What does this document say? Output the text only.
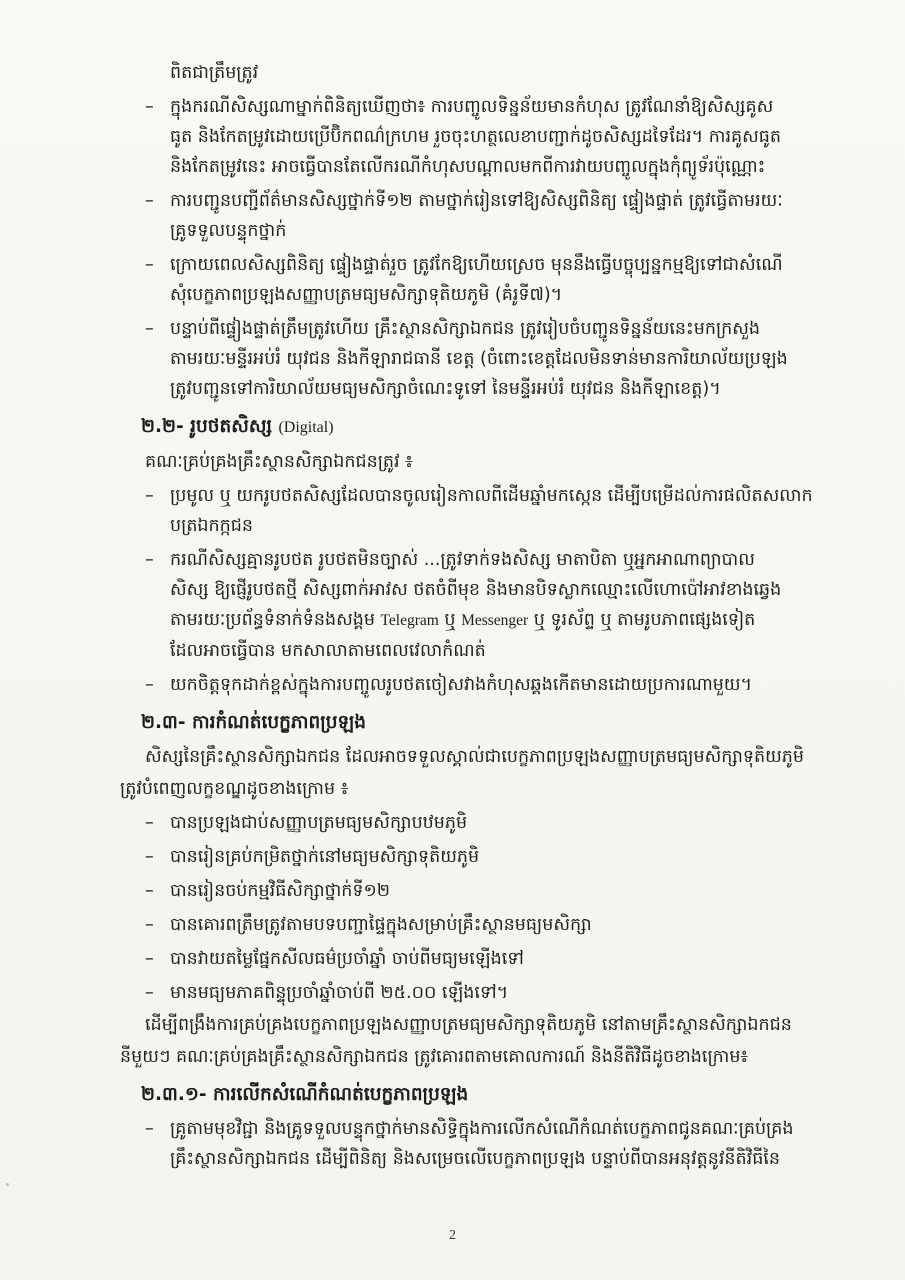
ពិតជាត្រឹមត្រូវ
– ក្នុងករណីសិស្សណាម្នាក់ពិនិត្យឃើញថា៖ ការបញ្ចូលទិន្នន័យមានកំហុស ត្រូវណែនាំឱ្យសិស្សគូស
ធូត និងកែតម្រូវដោយប្រើប៊ិកពណ៌ក្រហម រួចចុះហត្ថលេខាបញ្ជាក់ដូចសិស្សដទៃដែរ។ ការគូសធូត
និងកែតម្រូវនេះ អាចធ្វើបានតែលើករណីកំហុសបណ្តាលមកពីការវាយបញ្ចូលក្នុងកុំព្យូទ័រប៉ុណ្ណោះ
– ការបញ្ជូនបញ្ជីព័ត៌មានសិស្សថ្នាក់ទី១២ តាមថ្នាក់រៀនទៅឱ្យសិស្សពិនិត្យ ផ្ទៀងផ្ទាត់ ត្រូវធ្វើតាមរយៈ
គ្រូទទួលបន្ទុកថ្នាក់
– ក្រោយពេលសិស្សពិនិត្យ ផ្ទៀងផ្ទាត់រួច ត្រូវកែឱ្យហើយស្រេច មុននឹងធ្វើបច្ចុប្បន្នកម្មឱ្យទៅជាសំណើ
សុំបេក្ខភាពប្រឡងសញ្ញាបត្រមធ្យមសិក្សាទុតិយភូមិ (គំរូទី៧)។
– បន្ទាប់ពីផ្ទៀងផ្ទាត់ត្រឹមត្រូវហើយ គ្រឹះស្ថានសិក្សាឯកជន ត្រូវរៀបចំបញ្ជូនទិន្នន័យនេះមកក្រសួង
តាមរយៈមន្ទីរអប់រំ យុវជន និងកីឡារាជធានី ខេត្ត (ចំពោះខេត្តដែលមិនទាន់មានការិយាល័យប្រឡង
ត្រូវបញ្ជូនទៅការិយាល័យមធ្យមសិក្សាចំណេះទូទៅ នៃមន្ទីរអប់រំ យុវជន និងកីឡាខេត្ត)។
២.២- រូបថតសិស្ស (Digital)
គណៈគ្រប់គ្រងគ្រឹះស្ថានសិក្សាឯកជនត្រូវ ៖
– ប្រមូល ឬ យករូបថតសិស្សដែលបានចូលរៀនកាលពីដើមឆ្នាំមកស្កេន ដើម្បីបម្រើដល់ការផលិតសលាក
បត្រឯកក្កជន
– ករណីសិស្សគ្មានរូបថត រូបថតមិនច្បាស់ ...ត្រូវទាក់ទងសិស្ស មាតាបិតា ឬអ្នកអាណាព្យាបាល
សិស្ស ឱ្យផ្ញើរូបថតថ្មី សិស្សពាក់អាវស ថតចំពីមុខ និងមានបិទស្លាកឈ្មោះលើហោប៉ៅអាវខាងឆ្វេង
តាមរយៈប្រព័ន្ធទំនាក់ទំនងសង្គម Telegram ឬ Messenger ឬ ទូរស័ព្ទ ឬ តាមរូបភាពផ្សេងទៀត
ដែលអាចធ្វើបាន មកសាលាតាមពេលវេលាកំណត់
– យកចិត្តទុកដាក់ខ្ពស់ក្នុងការបញ្ចូលរូបថតចៀសវាងកំហុសឆ្គងកើតមានដោយប្រការណាមួយ។
២.៣- ការកំណត់បេក្ខភាពប្រឡង
សិស្សនៃគ្រឹះស្ថានសិក្សាឯកជន ដែលអាចទទួលស្គាល់ជាបេក្ខភាពប្រឡងសញ្ញាបត្រមធ្យមសិក្សាទុតិយភូមិ
ត្រូវបំពេញលក្ខខណ្ឌដូចខាងក្រោម ៖
– បានប្រឡងជាប់សញ្ញាបត្រមធ្យមសិក្សាបឋមភូមិ
– បានរៀនគ្រប់កម្រិតថ្នាក់នៅមធ្យមសិក្សាទុតិយភូមិ
– បានរៀនចប់កម្មវិធីសិក្សាថ្នាក់ទី១២
– បានគោរពត្រឹមត្រូវតាមបទបញ្ជាផ្ទៃក្នុងសម្រាប់គ្រឹះស្ថានមធ្យមសិក្សា
– បានវាយតម្លៃផ្នែកសីលធម៌ប្រចាំឆ្នាំ ចាប់ពីមធ្យមឡើងទៅ
– មានមធ្យមភាគពិន្ទុប្រចាំឆ្នាំចាប់ពី ២៥.០០ ឡើងទៅ។
ដើម្បីពង្រឹងការគ្រប់គ្រងបេក្ខភាពប្រឡងសញ្ញាបត្រមធ្យមសិក្សាទុតិយភូមិ នៅតាមគ្រឹះស្ថានសិក្សាឯកជន
នីមួយៗ គណៈគ្រប់គ្រងគ្រឹះស្ថានសិក្សាឯកជន ត្រូវគោរពតាមគោលការណ៍ និងនីតិវិធីដូចខាងក្រោម៖
២.៣.១- ការលើកសំណើកំណត់បេក្ខភាពប្រឡង
– គ្រូតាមមុខវិជ្ជា និងគ្រូទទួលបន្ទុកថ្នាក់មានសិទ្ធិក្នុងការលើកសំណើកំណត់បេក្ខភាពជូនគណៈគ្រប់គ្រង
គ្រឹះស្ថានសិក្សាឯកជន ដើម្បីពិនិត្យ និងសម្រេចលើបេក្ខភាពប្រឡង បន្ទាប់ពីបានអនុវត្តនូវនីតិវិធីនៃ
2
